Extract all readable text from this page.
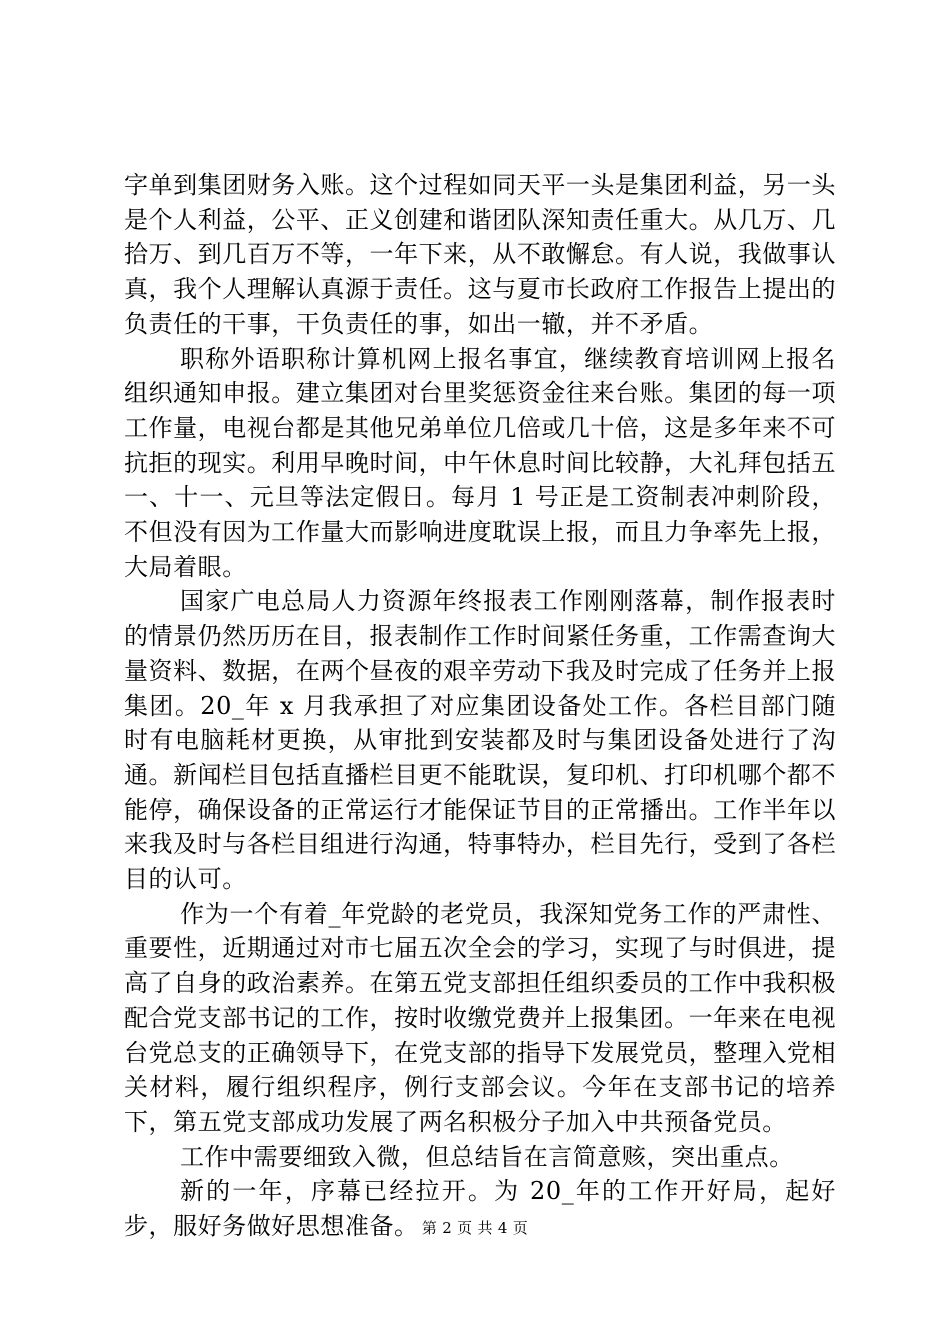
字单到集团财务入账。这个过程如同天平一头是集团利益，另一头是个人利益，公平、正义创建和谐团队深知责任重大。从几万、几拾万、到几百万不等，一年下来，从不敢懈怠。有人说，我做事认真，我个人理解认真源于责任。这与夏市长政府工作报告上提出的负责任的干事，干负责任的事，如出一辙，并不矛盾。

职称外语职称计算机网上报名事宜，继续教育培训网上报名组织通知申报。建立集团对台里奖惩资金往来台账。集团的每一项工作量，电视台都是其他兄弟单位几倍或几十倍，这是多年来不可抗拒的现实。利用早晚时间，中午休息时间比较静，大礼拜包括五一、十一、元旦等法定假日。每月 1 号正是工资制表冲刺阶段，不但没有因为工作量大而影响进度耽误上报，而且力争率先上报，大局着眼。

国家广电总局人力资源年终报表工作刚刚落幕，制作报表时的情景仍然历历在目，报表制作工作时间紧任务重，工作需查询大量资料、数据，在两个昼夜的艰辛劳动下我及时完成了任务并上报集团。20_年 x 月我承担了对应集团设备处工作。各栏目部门随时有电脑耗材更换，从审批到安装都及时与集团设备处进行了沟通。新闻栏目包括直播栏目更不能耽误，复印机、打印机哪个都不能停，确保设备的正常运行才能保证节目的正常播出。工作半年以来我及时与各栏目组进行沟通，特事特办，栏目先行，受到了各栏目的认可。

作为一个有着_年党龄的老党员，我深知党务工作的严肃性、重要性，近期通过对市七届五次全会的学习，实现了与时俱进，提高了自身的政治素养。在第五党支部担任组织委员的工作中我积极配合党支部书记的工作，按时收缴党费并上报集团。一年来在电视台党总支的正确领导下，在党支部的指导下发展党员，整理入党相关材料，履行组织程序，例行支部会议。今年在支部书记的培养下，第五党支部成功发展了两名积极分子加入中共预备党员。

工作中需要细致入微，但总结旨在言简意赅，突出重点。

新的一年，序幕已经拉开。为 20_年的工作开好局，起好步，服好务做好思想准备。 第 2 页 共 4 页
